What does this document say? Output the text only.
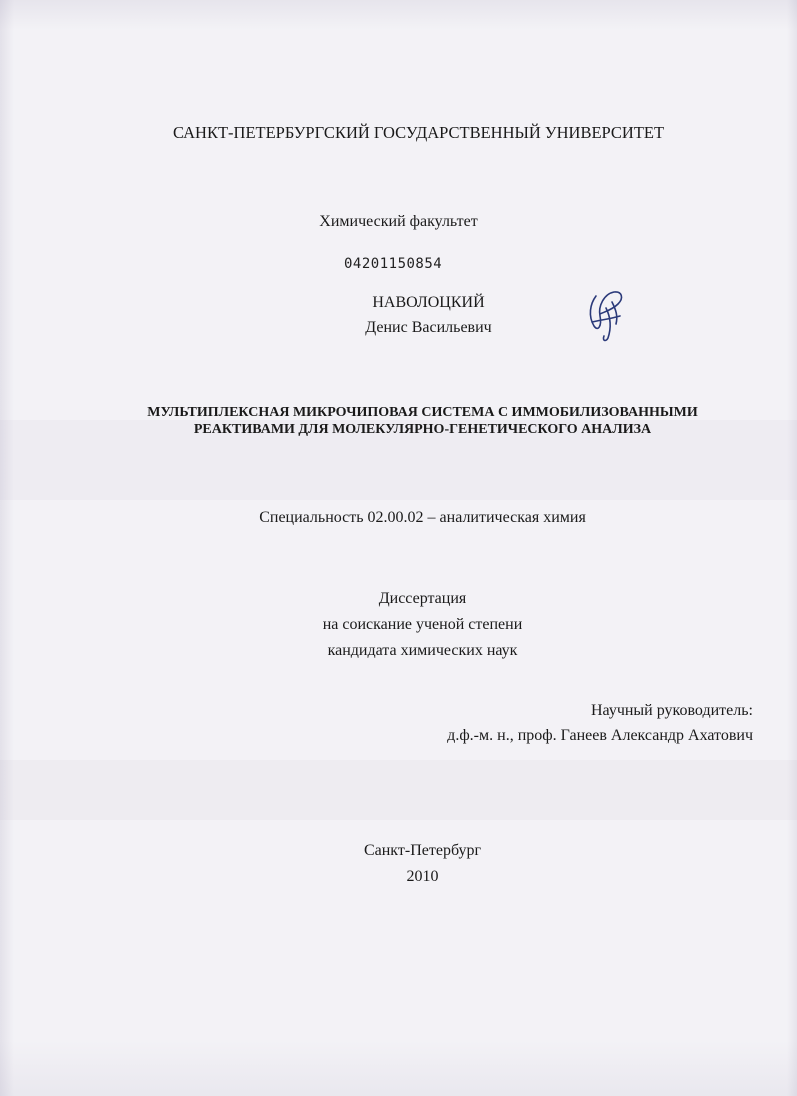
САНКТ-ПЕТЕРБУРГСКИЙ ГОСУДАРСТВЕННЫЙ УНИВЕРСИТЕТ
Химический факультет
04201150854
НАВОЛОЦКИЙ
Денис Васильевич
МУЛЬТИПЛЕКСНАЯ МИКРОЧИПОВАЯ СИСТЕМА С ИММОБИЛИЗОВАННЫМИ
РЕАКТИВАМИ ДЛЯ МОЛЕКУЛЯРНО-ГЕНЕТИЧЕСКОГО АНАЛИЗА
Специальность 02.00.02 – аналитическая химия
Диссертация
на соискание ученой степени
кандидата химических наук
Научный руководитель:
д.ф.-м. н., проф. Ганеев Александр Ахатович
Санкт-Петербург
2010
